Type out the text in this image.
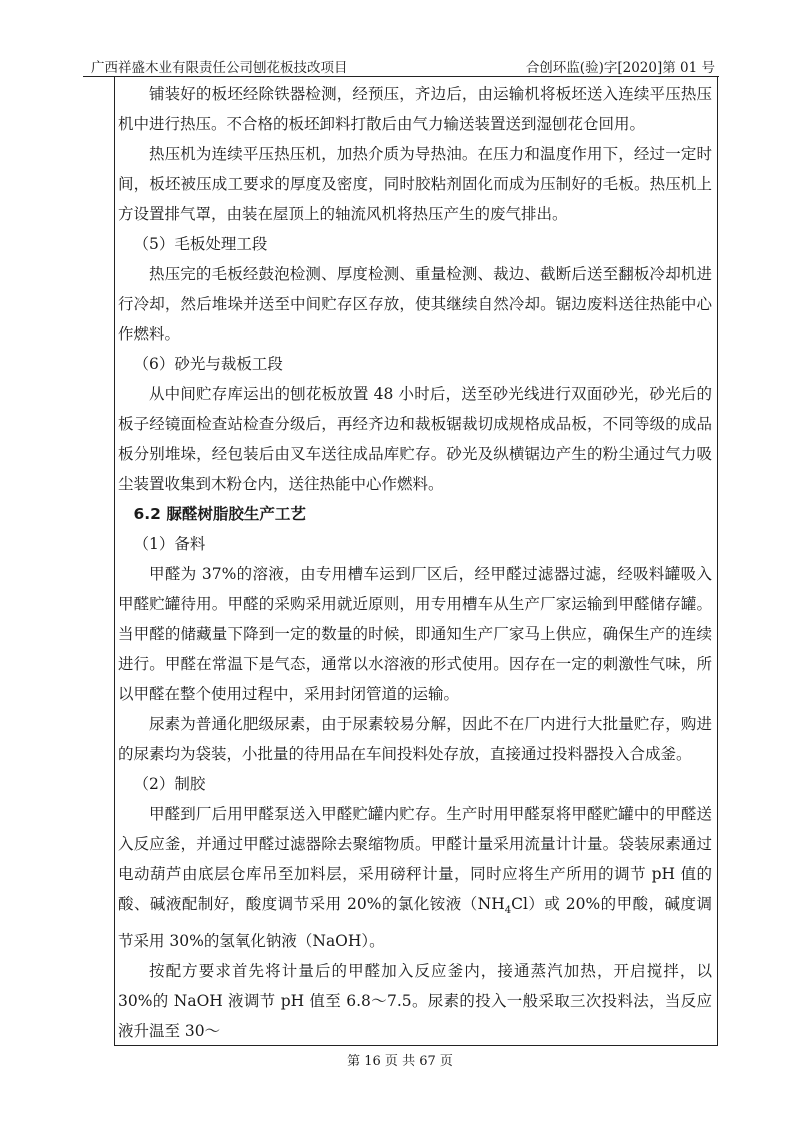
广西祥盛木业有限责任公司刨花板技改项目	合创环监(验)字[2020]第 01 号

铺装好的板坯经除铁器检测，经预压，齐边后，由运输机将板坯送入连续平压热压机中进行热压。不合格的板坯卸料打散后由气力输送装置送到湿刨花仓回用。

热压机为连续平压热压机，加热介质为导热油。在压力和温度作用下，经过一定时间，板坯被压成工要求的厚度及密度，同时胶粘剂固化而成为压制好的毛板。热压机上方设置排气罩，由装在屋顶上的轴流风机将热压产生的废气排出。

（5）毛板处理工段

热压完的毛板经鼓泡检测、厚度检测、重量检测、裁边、截断后送至翻板冷却机进行冷却，然后堆垛并送至中间贮存区存放，使其继续自然冷却。锯边废料送往热能中心作燃料。

（6）砂光与裁板工段

从中间贮存库运出的刨花板放置 48 小时后，送至砂光线进行双面砂光，砂光后的板子经镜面检查站检查分级后，再经齐边和裁板锯裁切成规格成品板，不同等级的成品板分别堆垛，经包装后由叉车送往成品库贮存。砂光及纵横锯边产生的粉尘通过气力吸尘装置收集到木粉仓内，送往热能中心作燃料。

6.2 脲醛树脂胶生产工艺

（1）备料

甲醛为 37%的溶液，由专用槽车运到厂区后，经甲醛过滤器过滤，经吸料罐吸入甲醛贮罐待用。甲醛的采购采用就近原则，用专用槽车从生产厂家运输到甲醛储存罐。当甲醛的储藏量下降到一定的数量的时候，即通知生产厂家马上供应，确保生产的连续进行。甲醛在常温下是气态，通常以水溶液的形式使用。因存在一定的刺激性气味，所以甲醛在整个使用过程中，采用封闭管道的运输。

尿素为普通化肥级尿素，由于尿素较易分解，因此不在厂内进行大批量贮存，购进的尿素均为袋装，小批量的待用品在车间投料处存放，直接通过投料器投入合成釜。

（2）制胶

甲醛到厂后用甲醛泵送入甲醛贮罐内贮存。生产时用甲醛泵将甲醛贮罐中的甲醛送入反应釜，并通过甲醛过滤器除去聚缩物质。甲醛计量采用流量计计量。袋装尿素通过电动葫芦由底层仓库吊至加料层，采用磅秤计量，同时应将生产所用的调节 pH 值的酸、碱液配制好，酸度调节采用 20%的氯化铵液$(NH_4Cl)$或 20%的甲酸，碱度调节采用 30%的氢氧化钠液（NaOH）。

按配方要求首先将计量后的甲醛加入反应釜内，接通蒸汽加热，开启搅拌，以 30%的 NaOH 液调节 pH 值至 6.8～7.5。尿素的投入一般采取三次投料法，当反应液升温至 30～

第 16 页 共 67 页
